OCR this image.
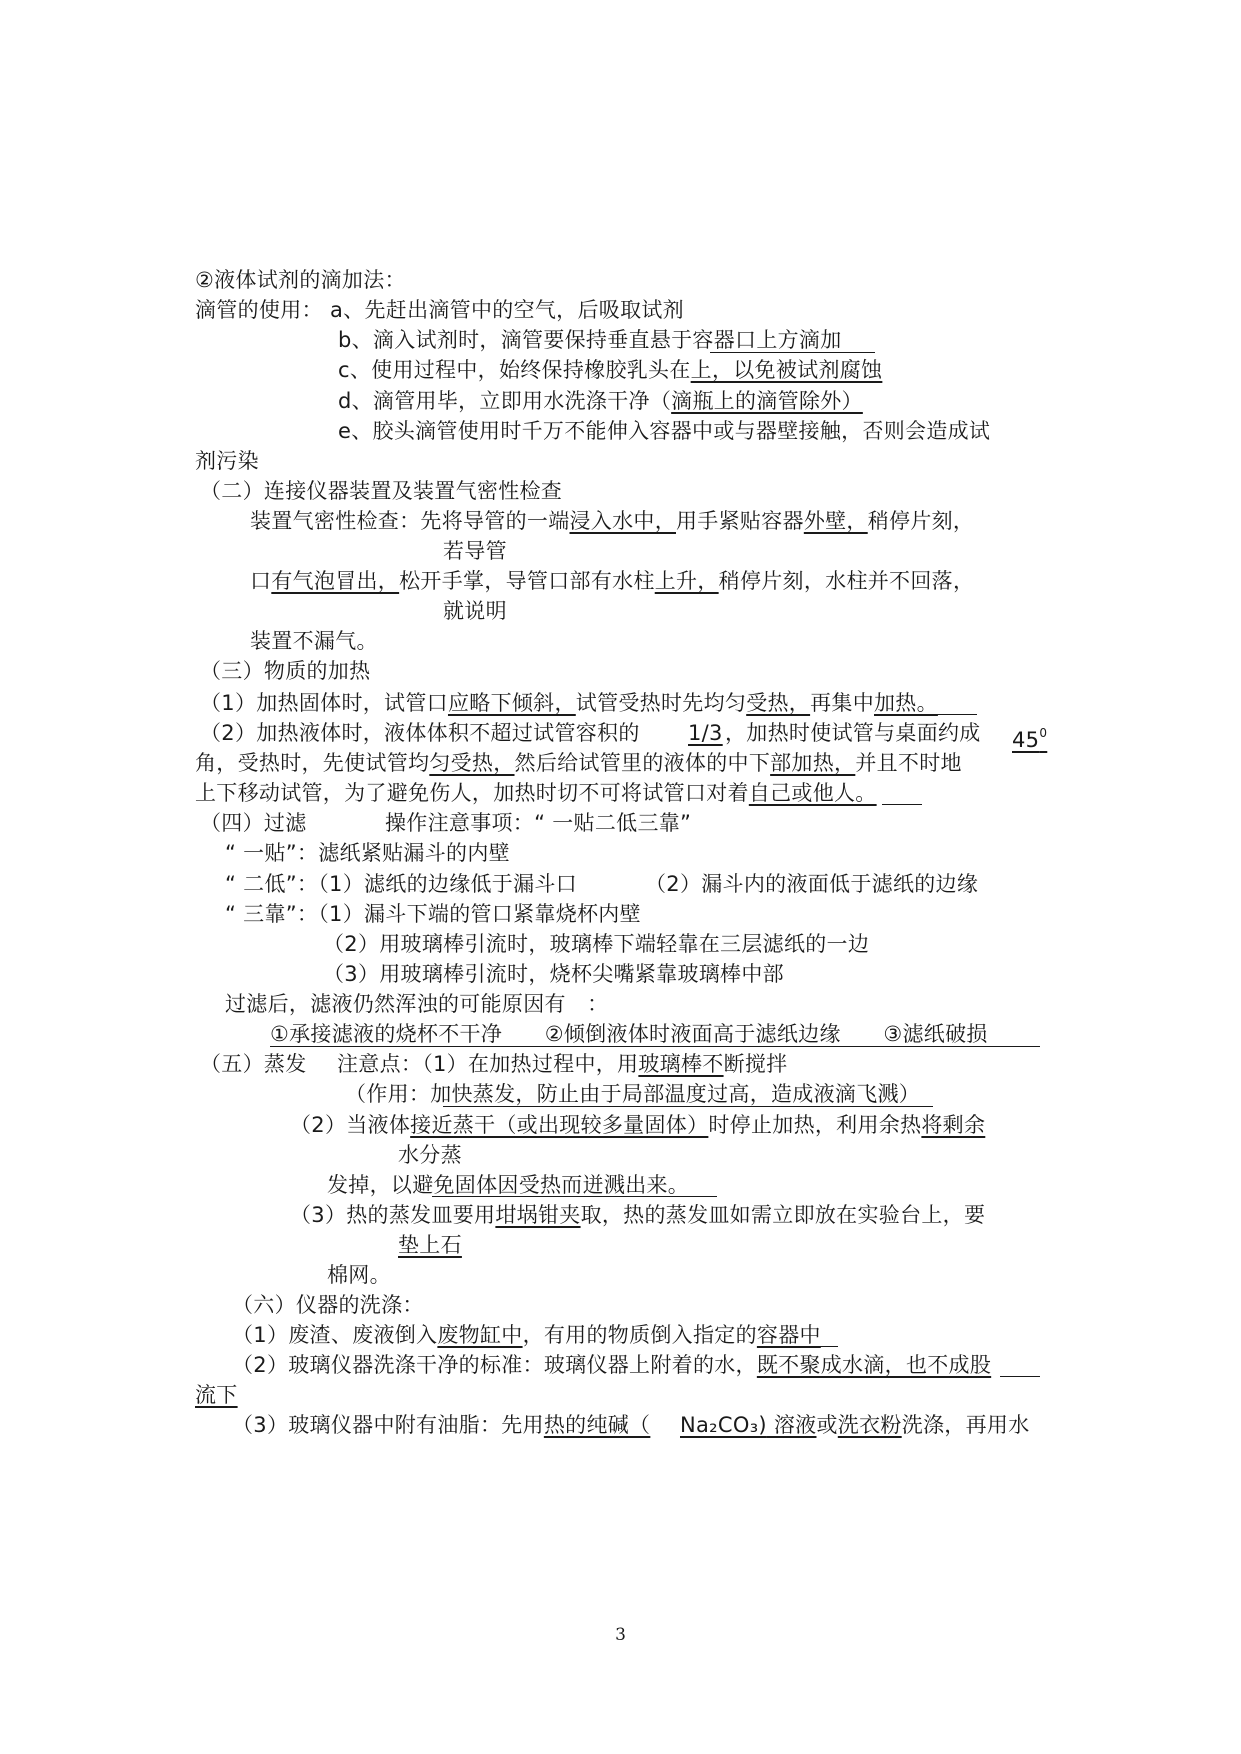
②液体试剂的滴加法：
滴管的使用： a、先赶出滴管中的空气，后吸取试剂
b、滴入试剂时，滴管要保持垂直悬于容器口上方滴加
c、使用过程中，始终保持橡胶乳头在上，以免被试剂腐蚀
d、滴管用毕，立即用水洗涤干净（滴瓶上的滴管除外）
e、胶头滴管使用时千万不能伸入容器中或与器壁接触，否则会造成试
剂污染
（二）连接仪器装置及装置气密性检查
装置气密性检查：先将导管的一端浸入水中，用手紧贴容器外壁，稍停片刻，
若导管
口有气泡冒出，松开手掌，导管口部有水柱上升，稍停片刻，水柱并不回落，
就说明
装置不漏气。
（三）物质的加热
（1）加热固体时，试管口应略下倾斜，试管受热时先均匀受热，再集中加热。
（2）加热液体时，液体体积不超过试管容积的 1/3 ，加热时使试管与桌面约成 $45^0$
角，受热时，先使试管均匀受热，然后给试管里的液体的中下部加热，并且不时地
上下移动试管，为了避免伤人，加热时切不可将试管口对着自己或他人。
（四）过滤	操作注意事项：“ 一贴二低三靠”
“ 一贴”：滤纸紧贴漏斗的内壁
“ 二低”：（1）滤纸的边缘低于漏斗口	（2）漏斗内的液面低于滤纸的边缘
“ 三靠”：（1）漏斗下端的管口紧靠烧杯内壁
（2）用玻璃棒引流时，玻璃棒下端轻靠在三层滤纸的一边
（3）用玻璃棒引流时，烧杯尖嘴紧靠玻璃棒中部
过滤后，滤液仍然浑浊的可能原因有　：
①承接滤液的烧杯不干净　　②倾倒液体时液面高于滤纸边缘　　③滤纸破损
（五）蒸发 注意点：（1）在加热过程中，用玻璃棒不断搅拌
（作用：加快蒸发，防止由于局部温度过高，造成液滴飞溅）
（2）当液体接近蒸干（或出现较多量固体）时停止加热，利用余热将剩余
水分蒸
发掉，以避免固体因受热而迸溅出来。
（3）热的蒸发皿要用坩埚钳夹取，热的蒸发皿如需立即放在实验台上，要
垫上石
棉网。
（六）仪器的洗涤：
（1）废渣、废液倒入废物缸中，有用的物质倒入指定的容器中
（2）玻璃仪器洗涤干净的标准：玻璃仪器上附着的水，既不聚成水滴，也不成股
流下
（3）玻璃仪器中附有油脂：先用热的纯碱（ Na₂CO₃) 溶液或洗衣粉洗涤，再用水
3
